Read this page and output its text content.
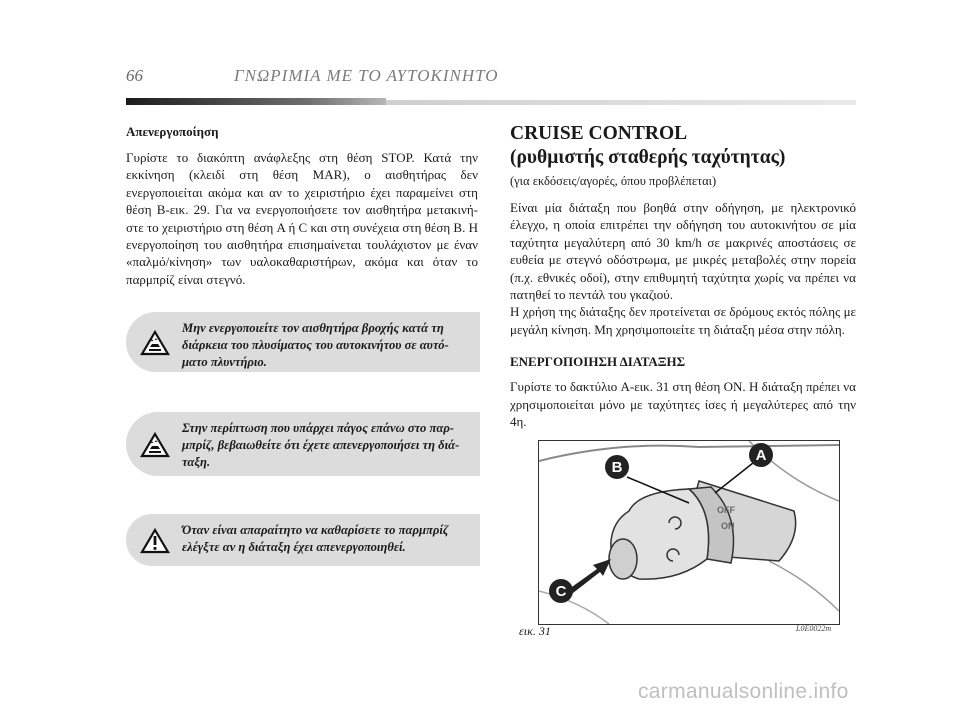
66	ΓΝΩΡΙΜΙΑ ΜΕ ΤΟ ΑΥΤΟΚΙΝΗΤΟ
Απενεργοποίηση

Γυρίστε το διακόπτη ανάφλεξης στη θέση STOP. Κατά την εκκίνηση (κλειδί στη θέση MAR), ο αισθητήρας δεν ενεργοποιείται ακόμα και αν το χειριστήριο έχει παραμείνει στη θέση B-εικ. 29. Για να ενεργοποιήσετε τον αισθητήρα μετακινή-στε το χειριστήριο στη θέση A ή C και στη συνέχεια στη θέση B. Η ενεργοποίηση του αισθητήρα επισημαίνεται τουλάχιστον με έναν «παλμό/κίνηση» των υαλοκαθαριστήρων, ακόμα και όταν το παρμπρίζ είναι στεγνό.

Μην ενεργοποιείτε τον αισθητήρα βροχής κατά τη διάρκεια του πλυσίματος του αυτοκινήτου σε αυτό-ματο πλυντήριο.
Στην περίπτωση που υπάρχει πάγος επάνω στο παρ-μπρίζ, βεβαιωθείτε ότι έχετε απενεργοποιήσει τη διά-ταξη.
Όταν είναι απαραίτητο να καθαρίσετε το παρμπρίζ ελέγξτε αν η διάταξη έχει απενεργοποιηθεί.
CRUISE CONTROL
(ρυθμιστής σταθερής ταχύτητας)
(για εκδόσεις/αγορές, όπου προβλέπεται)

Είναι μία διάταξη που βοηθά στην οδήγηση, με ηλεκτρονικό έλεγχο, η οποία επιτρέπει την οδήγηση του αυτοκινήτου σε μία ταχύτητα μεγαλύτερη από 30 km/h σε μακρινές αποστάσεις σε ευθεία με στεγνό οδόστρωμα, με μικρές μεταβολές στην πορεία (π.χ. εθνικές οδοί), στην επιθυμητή ταχύτητα χωρίς να πρέπει να πατηθεί το πεντάλ του γκαζιού.

Η χρήση της διάταξης δεν προτείνεται σε δρόμους εκτός πόλης με μεγάλη κίνηση. Μη χρησιμοποιείτε τη διάταξη μέσα στην πόλη.

ΕΝΕΡΓΟΠΟΙΗΣΗ ΔΙΑΤΑΞΗΣ

Γυρίστε το δακτύλιο A-εικ. 31 στη θέση ON. Η διάταξη πρέπει να χρησιμοποιείται μόνο με ταχύτητες ίσες ή μεγαλύτερες από την 4η.

OFF
ON
B
A
C
εικ. 31	L0E0022m
carmanualsonline.info
